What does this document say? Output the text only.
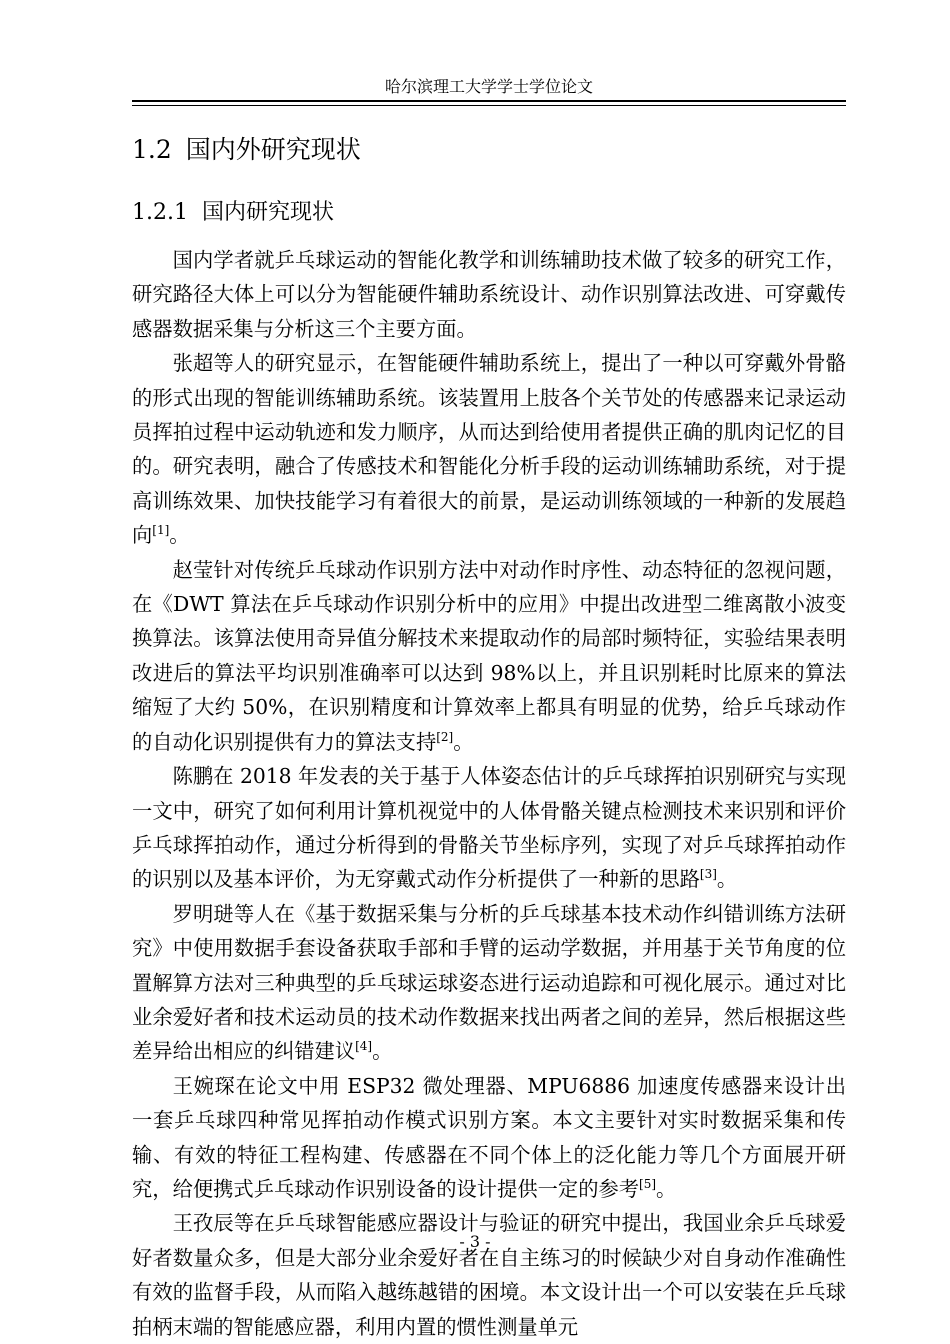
哈尔滨理工大学学士学位论文
1.2 国内外研究现状
1.2.1 国内研究现状

国内学者就乒乓球运动的智能化教学和训练辅助技术做了较多的研究工作，研究路径大体上可以分为智能硬件辅助系统设计、动作识别算法改进、可穿戴传感器数据采集与分析这三个主要方面。

张超等人的研究显示，在智能硬件辅助系统上，提出了一种以可穿戴外骨骼的形式出现的智能训练辅助系统。该装置用上肢各个关节处的传感器来记录运动员挥拍过程中运动轨迹和发力顺序，从而达到给使用者提供正确的肌肉记忆的目的。研究表明，融合了传感技术和智能化分析手段的运动训练辅助系统，对于提高训练效果、加快技能学习有着很大的前景，是运动训练领域的一种新的发展趋向[1]。

赵莹针对传统乒乓球动作识别方法中对动作时序性、动态特征的忽视问题，在《DWT 算法在乒乓球动作识别分析中的应用》中提出改进型二维离散小波变换算法。该算法使用奇异值分解技术来提取动作的局部时频特征，实验结果表明改进后的算法平均识别准确率可以达到 98%以上，并且识别耗时比原来的算法缩短了大约 50%，在识别精度和计算效率上都具有明显的优势，给乒乓球动作的自动化识别提供有力的算法支持[2]。

陈鹏在 2018 年发表的关于基于人体姿态估计的乒乓球挥拍识别研究与实现一文中，研究了如何利用计算机视觉中的人体骨骼关键点检测技术来识别和评价乒乓球挥拍动作，通过分析得到的骨骼关节坐标序列，实现了对乒乓球挥拍动作的识别以及基本评价，为无穿戴式动作分析提供了一种新的思路[3]。

罗明琎等人在《基于数据采集与分析的乒乓球基本技术动作纠错训练方法研究》中使用数据手套设备获取手部和手臂的运动学数据，并用基于关节角度的位置解算方法对三种典型的乒乓球运球姿态进行运动追踪和可视化展示。通过对比业余爱好者和技术运动员的技术动作数据来找出两者之间的差异，然后根据这些差异给出相应的纠错建议[4]。

王婉琛在论文中用 ESP32 微处理器、MPU6886 加速度传感器来设计出一套乒乓球四种常见挥拍动作模式识别方案。本文主要针对实时数据采集和传输、有效的特征工程构建、传感器在不同个体上的泛化能力等几个方面展开研究，给便携式乒乓球动作识别设备的设计提供一定的参考[5]。

王孜辰等在乒乓球智能感应器设计与验证的研究中提出，我国业余乒乓球爱好者数量众多，但是大部分业余爱好者在自主练习的时候缺少对自身动作准确性有效的监督手段，从而陷入越练越错的困境。本文设计出一个可以安装在乒乓球拍柄末端的智能感应器，利用内置的惯性测量单元

- 3 -
